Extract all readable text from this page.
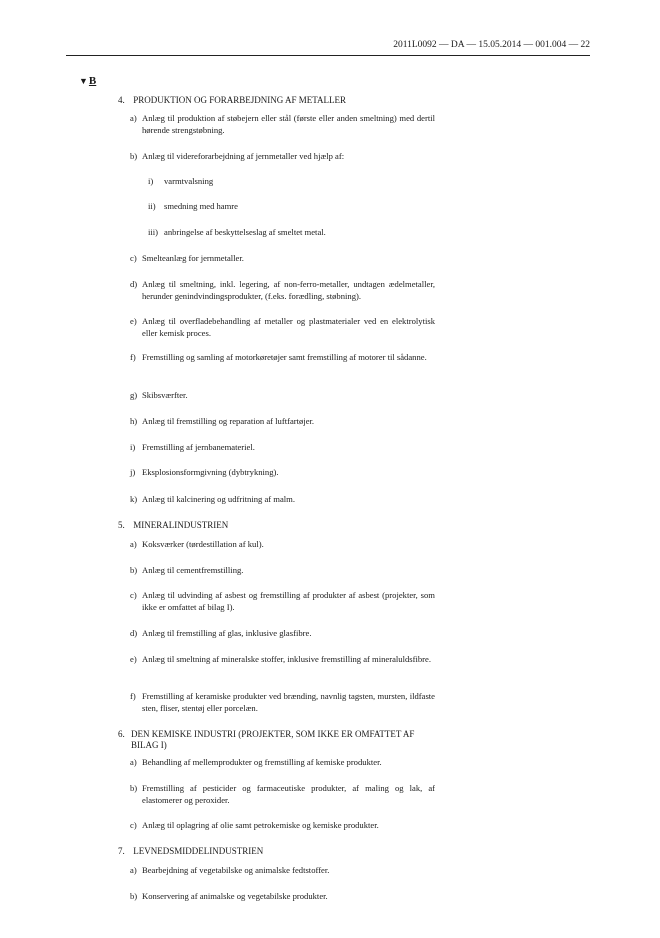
2011L0092 — DA — 15.05.2014 — 001.004 — 22
▼B
4. PRODUKTION OG FORARBEJDNING AF METALLER
a) Anlæg til produktion af støbejern eller stål (første eller anden smeltning) med dertil hørende strengstøbning.
b) Anlæg til videreforarbejdning af jernmetaller ved hjælp af:
i) varmtvalsning
ii) smedning med hamre
iii) anbringelse af beskyttelseslag af smeltet metal.
c) Smelteanlæg for jernmetaller.
d) Anlæg til smeltning, inkl. legering, af non-ferro-metaller, undtagen ædelmetaller, herunder genindvindingsprodukter, (f.eks. forædling, støbning).
e) Anlæg til overfladebehandling af metaller og plastmaterialer ved en elektrolytisk eller kemisk proces.
f) Fremstilling og samling af motorkøretøjer samt fremstilling af motorer til sådanne.
g) Skibsværfter.
h) Anlæg til fremstilling og reparation af luftfartøjer.
i) Fremstilling af jernbanemateriel.
j) Eksplosionsformgivning (dybtrykning).
k) Anlæg til kalcinering og udfritning af malm.
5. MINERALINDUSTRIEN
a) Koksværker (tørdestillation af kul).
b) Anlæg til cementfremstilling.
c) Anlæg til udvinding af asbest og fremstilling af produkter af asbest (projekter, som ikke er omfattet af bilag I).
d) Anlæg til fremstilling af glas, inklusive glasfibre.
e) Anlæg til smeltning af mineralske stoffer, inklusive fremstilling af mineraluldsfibre.
f) Fremstilling af keramiske produkter ved brænding, navnlig tagsten, mursten, ildfaste sten, fliser, stentøj eller porcelæn.
6. DEN KEMISKE INDUSTRI (PROJEKTER, SOM IKKE ER OMFATTET AF BILAG I)
a) Behandling af mellemprodukter og fremstilling af kemiske produkter.
b) Fremstilling af pesticider og farmaceutiske produkter, af maling og lak, af elastomerer og peroxider.
c) Anlæg til oplagring af olie samt petrokemiske og kemiske produkter.
7. LEVNEDSMIDDELINDUSTRIEN
a) Bearbejdning af vegetabilske og animalske fedtstoffer.
b) Konservering af animalske og vegetabilske produkter.
